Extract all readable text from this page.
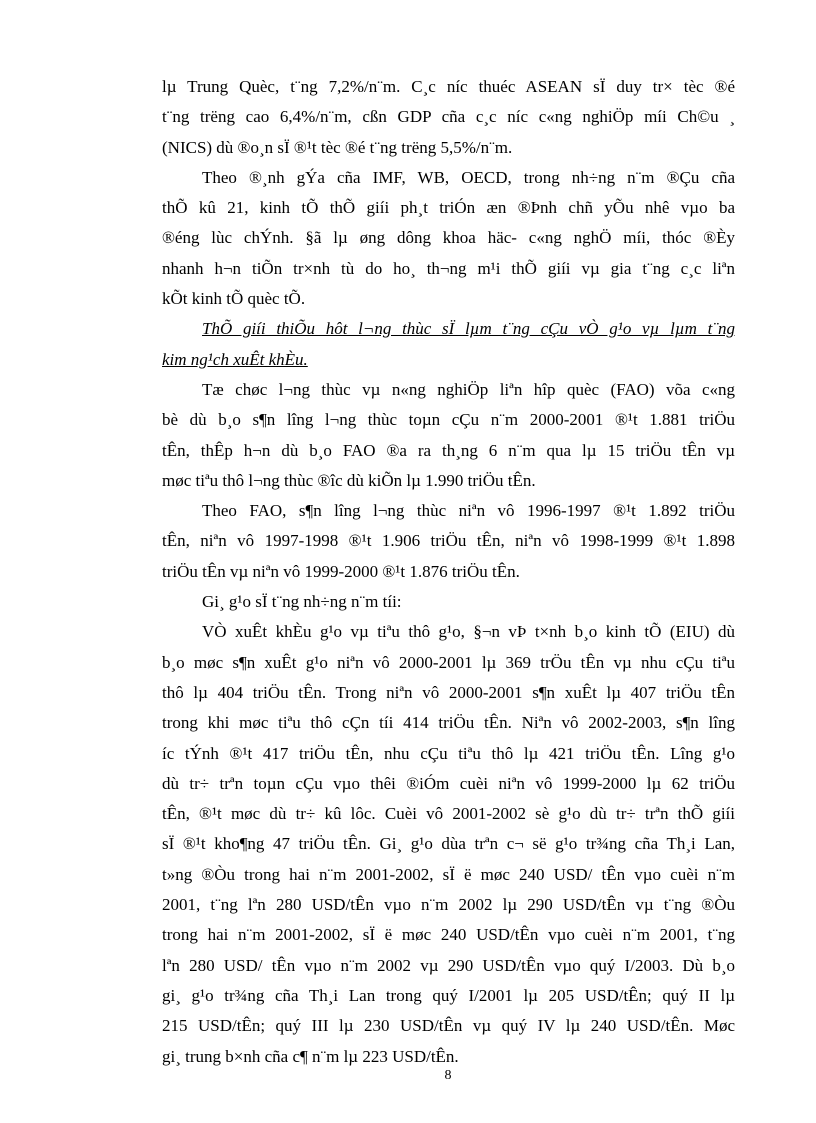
lµ Trung Quèc, t¨ng 7,2%/n¨m. C¸c níc thuéc ASEAN sÏ duy tr× tèc ®é
t¨ng trëng cao 6,4%/n¨m, cßn GDP cña c¸c níc c«ng nghiÖp míi Ch©u ¸
(NICS) dù ®o¸n sÏ ®¹t tèc ®é t¨ng trëng 5,5%/n¨m.
Theo ®¸nh gÝa cña IMF, WB, OECD, trong nh÷ng n¨m ®Çu cña
thÕ kû 21, kinh tÕ thÕ giíi ph¸t triÓn æn ®Þnh chñ yÕu nhê vµo ba
®éng lùc chÝnh. §ã lµ øng dông khoa häc- c«ng nghÖ míi, thóc ®Èy
nhanh h¬n tiÕn tr×nh tù do ho¸ th¬ng m¹i thÕ giíi vµ gia t¨ng c¸c liªn
kÕt kinh tÕ quèc tÕ.
ThÕ giíi thiÕu hôt l¬ng thùc sÏ lµm t¨ng cÇu vÒ g¹o vµ lµm t¨ng
kim ng¹ch xuÊt khÈu.
Tæ chøc l¬ng thùc vµ n«ng nghiÖp liªn hîp quèc (FAO) võa c«ng
bè dù b¸o s¶n lîng l¬ng thùc toµn cÇu n¨m 2000-2001 ®¹t 1.881 triÖu
tÊn, thÊp h¬n dù b¸o FAO ®a ra th¸ng 6 n¨m qua lµ 15 triÖu tÊn vµ
møc tiªu thô l¬ng thùc ®îc dù kiÕn lµ 1.990 triÖu tÊn.
Theo FAO, s¶n lîng l¬ng thùc niªn vô 1996-1997 ®¹t 1.892 triÖu
tÊn, niªn vô 1997-1998 ®¹t 1.906 triÖu tÊn, niªn vô 1998-1999 ®¹t 1.898
triÖu tÊn vµ niªn vô 1999-2000 ®¹t 1.876 triÖu tÊn.
Gi¸ g¹o sÏ t¨ng nh÷ng n¨m tíi:
VÒ xuÊt khÈu g¹o vµ tiªu thô g¹o, §¬n vÞ t×nh b¸o kinh tÕ (EIU) dù
b¸o møc s¶n xuÊt g¹o niªn vô 2000-2001 lµ 369 trÖu tÊn vµ nhu cÇu tiªu
thô lµ 404 triÖu tÊn. Trong niªn vô 2000-2001 s¶n xuÊt lµ 407 triÖu tÊn
trong khi møc tiªu thô cÇn tíi 414 triÖu tÊn. Niªn vô 2002-2003, s¶n lîng
íc tÝnh ®¹t 417 triÖu tÊn, nhu cÇu tiªu thô lµ 421 triÖu tÊn. Lîng g¹o
dù tr÷ trªn toµn cÇu vµo thêi ®iÓm cuèi niªn vô 1999-2000 lµ 62 triÖu
tÊn, ®¹t møc dù tr÷ kû lôc. Cuèi vô 2001-2002 sè g¹o dù tr÷ trªn thÕ giíi
sÏ ®¹t kho¶ng 47 triÖu tÊn. Gi¸ g¹o dùa trªn c¬ së g¹o tr¾ng cña Th¸i Lan,
t»ng ®Òu trong hai n¨m 2001-2002, sÏ ë møc 240 USD/ tÊn vµo cuèi n¨m
2001, t¨ng lªn 280 USD/tÊn vµo n¨m 2002 lµ 290 USD/tÊn vµ t¨ng ®Òu
trong hai n¨m 2001-2002, sÏ ë møc 240 USD/tÊn vµo cuèi n¨m 2001, t¨ng
lªn 280 USD/ tÊn vµo n¨m 2002 vµ 290 USD/tÊn vµo quý I/2003. Dù b¸o
gi¸ g¹o tr¾ng cña Th¸i Lan trong quý I/2001 lµ 205 USD/tÊn; quý II lµ
215 USD/tÊn; quý III lµ 230 USD/tÊn vµ quý IV lµ 240 USD/tÊn. Møc
gi¸ trung b×nh cña c¶ n¨m lµ 223 USD/tÊn.
8
